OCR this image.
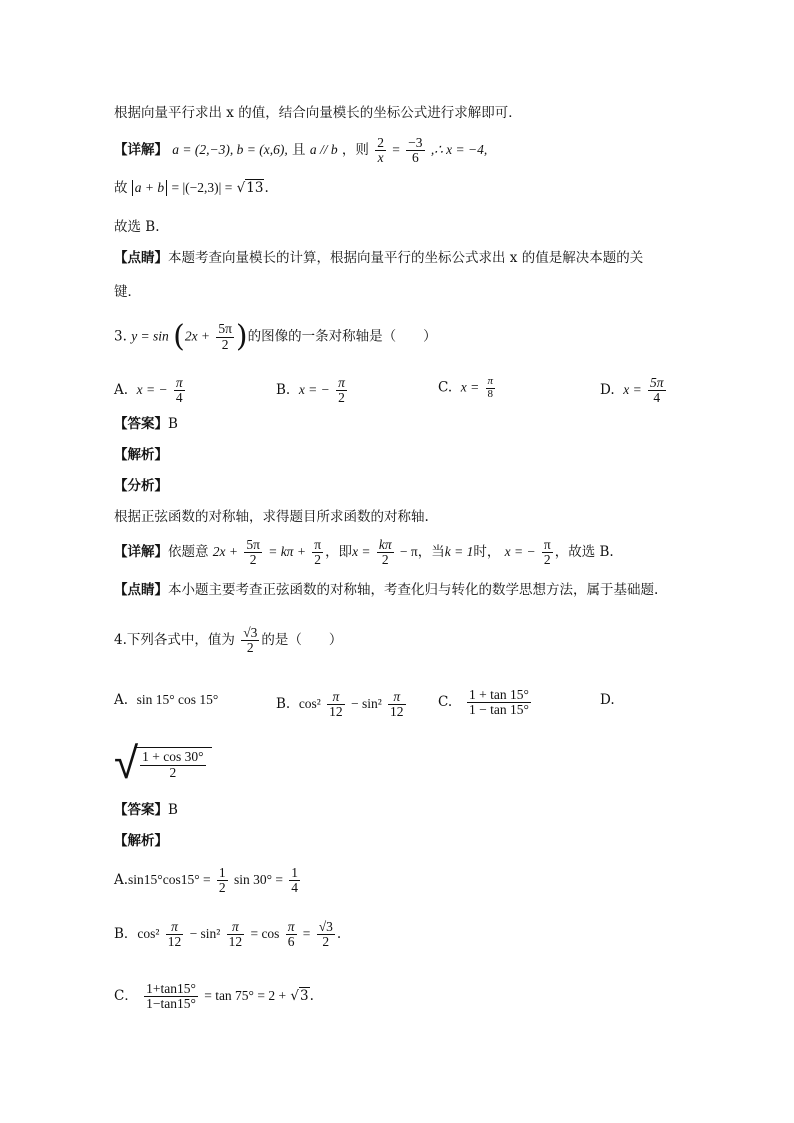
根据向量平行求出 x 的值，结合向量模长的坐标公式进行求解即可．
【详解】 a = (2,−3), b = (x,6), 且 a // b ，则 $\frac{2}{x} = \frac{-3}{6}$ ,∴ x = −4,
故 a + b = |(−2,3)| = √13.
故选 B.
【点睛】本题考查向量模长的计算，根据向量平行的坐标公式求出 x 的值是解决本题的关
键．
3. $y = \sin (2x + \frac{5\pi}{2}$ )的图像的一条对称轴是（　　）
A. x = − $\frac{\pi}{4}$	B. x = − $\frac{\pi}{2}$	C. $x = \frac{\pi}{8}$	D. $x = \frac{5\pi}{4}$
【答案】B
【解析】
【分析】
根据正弦函数的对称轴，求得题目所求函数的对称轴.
【详解】依题意 $2x + \frac{5\pi}{2} = k\pi + \frac{\pi}{2}$ ，即$x = \frac{k\pi}{2} - \pi$，当k = 1时， x = − $\frac{\pi}{2}$ ，故选 B.
【点睛】本小题主要考查正弦函数的对称轴，考查化归与转化的数学思想方法，属于基础题.
4.下列各式中，值为 $\frac{√3}{2}$ 的是（　　）
A. sin 15° cos 15°	B. $\cos^2 \frac{\pi}{12} - \sin^2 \frac{\pi}{12} C$. $\frac{1 + \tan 15^\circ}{1 - \tan 15^\circ}$	D.
√ $\frac{1 + \cos 30^\circ}{2}$
【答案】B
【解析】
$A.\sin 15^\circ\cos 15^\circ = \frac{1}{2}$ $\sin 30^\circ = \frac{1}{4}$
B．$\cos^2 \frac{\pi}{12} - \sin^2 \frac{\pi}{12} = \cos \frac{\pi}{6} = \frac{√3}{2}$ .
C． $\frac{1+\tan 15^\circ}{1-\tan 15^\circ} = \tan 75^\circ = 2 + √3$.
